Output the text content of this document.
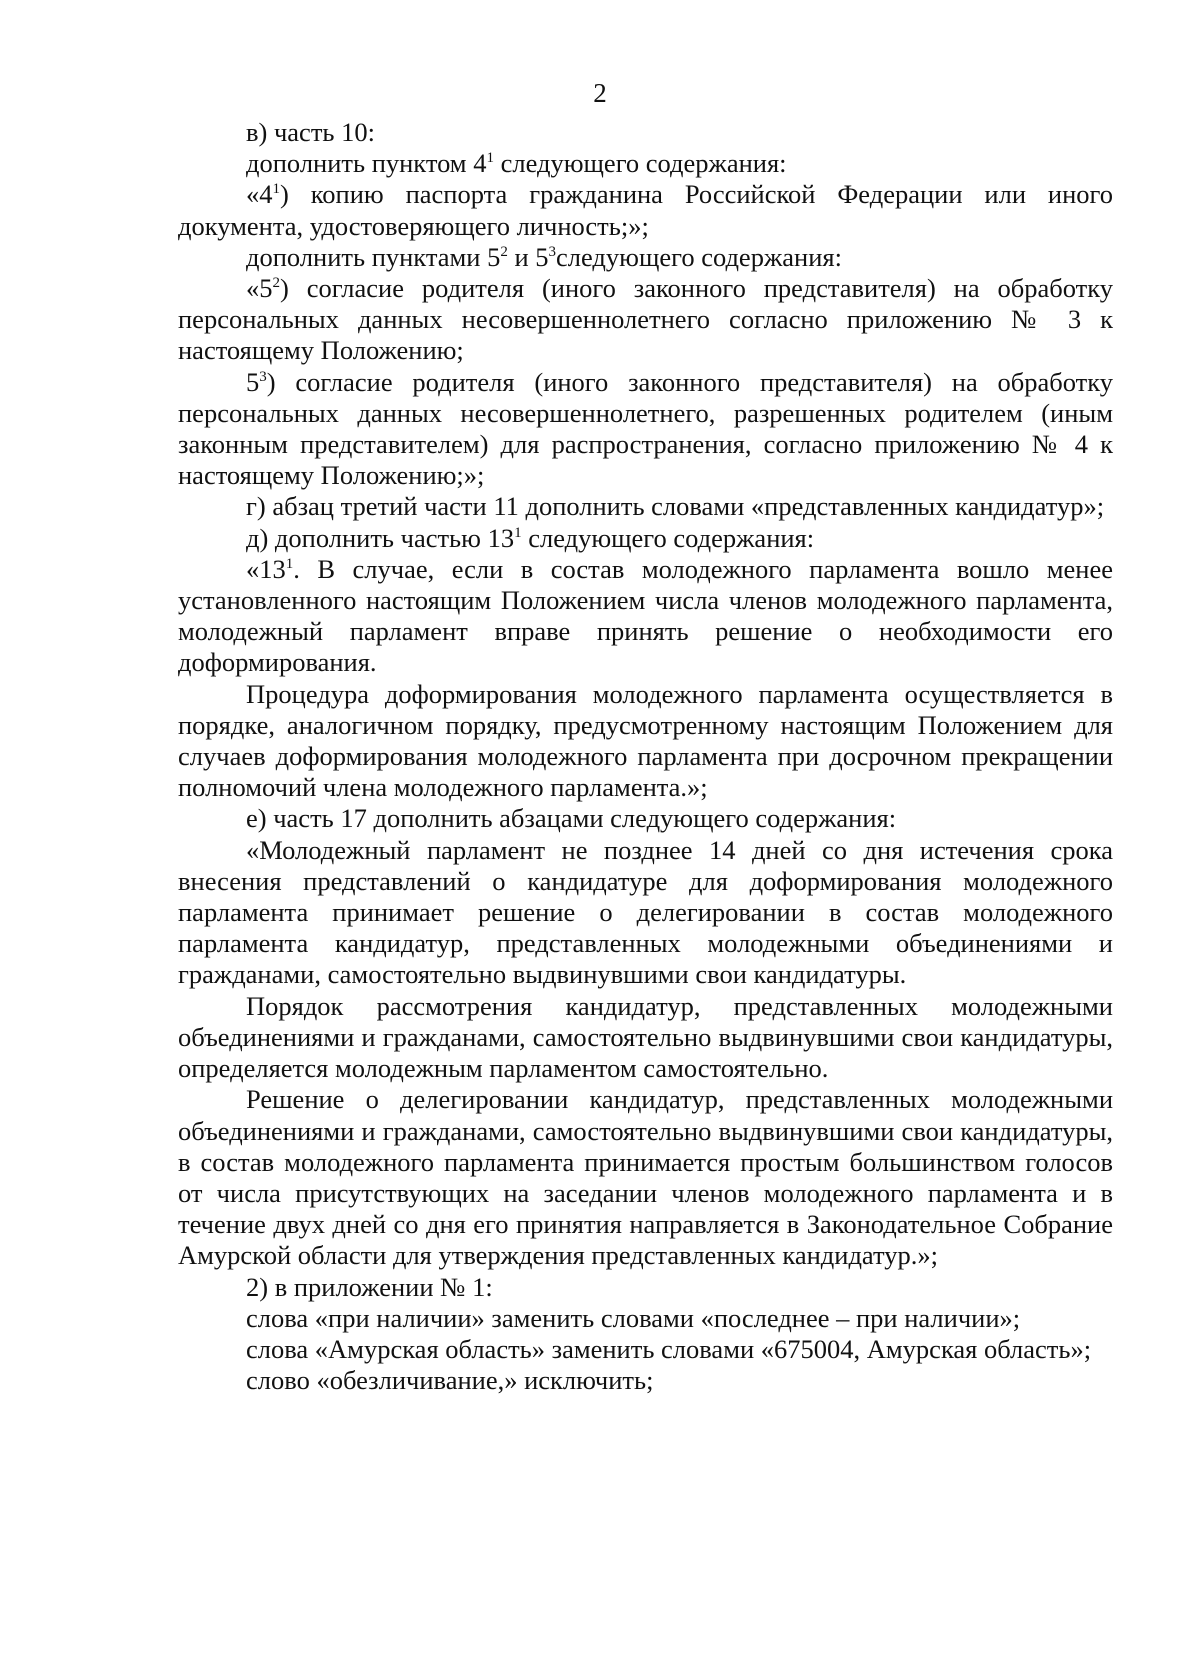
2

в) часть 10:

дополнить пунктом $4^1$ следующего содержания:

«$4^1$) копию паспорта гражданина Российской Федерации или иного документа, удостоверяющего личность;»;

дополнить пунктами $5^2$ и $5^3следующего$ содержания:

«$5^2$) согласие родителя (иного законного представителя) на обработку персональных данных несовершеннолетнего согласно приложению № 3 к настоящему Положению;

$5^3$) согласие родителя (иного законного представителя) на обработку персональных данных несовершеннолетнего, разрешенных родителем (иным законным представителем) для распространения, согласно приложению № 4 к настоящему Положению;»;

г) абзац третий части 11 дополнить словами «представленных кандидатур»;

д) дополнить частью $13^1$ следующего содержания:

«$13^1$. В случае, если в состав молодежного парламента вошло менее установленного настоящим Положением числа членов молодежного парламента, молодежный парламент вправе принять решение о необходимости его доформирования.

Процедура доформирования молодежного парламента осуществляется в порядке, аналогичном порядку, предусмотренному настоящим Положением для случаев доформирования молодежного парламента при досрочном прекращении полномочий члена молодежного парламента.»;

е) часть 17 дополнить абзацами следующего содержания:

«Молодежный парламент не позднее 14 дней со дня истечения срока внесения представлений о кандидатуре для доформирования молодежного парламента принимает решение о делегировании в состав молодежного парламента кандидатур, представленных молодежными объединениями и гражданами, самостоятельно выдвинувшими свои кандидатуры.

Порядок рассмотрения кандидатур, представленных молодежными объединениями и гражданами, самостоятельно выдвинувшими свои кандидатуры, определяется молодежным парламентом самостоятельно.

Решение о делегировании кандидатур, представленных молодежными объединениями и гражданами, самостоятельно выдвинувшими свои кандидатуры, в состав молодежного парламента принимается простым большинством голосов от числа присутствующих на заседании членов молодежного парламента и в течение двух дней со дня его принятия направляется в Законодательное Собрание Амурской области для утверждения представленных кандидатур.»;

2) в приложении № 1:

слова «при наличии» заменить словами «последнее – при наличии»;

слова «Амурская область» заменить словами «675004, Амурская область»;

слово «обезличивание,» исключить;
